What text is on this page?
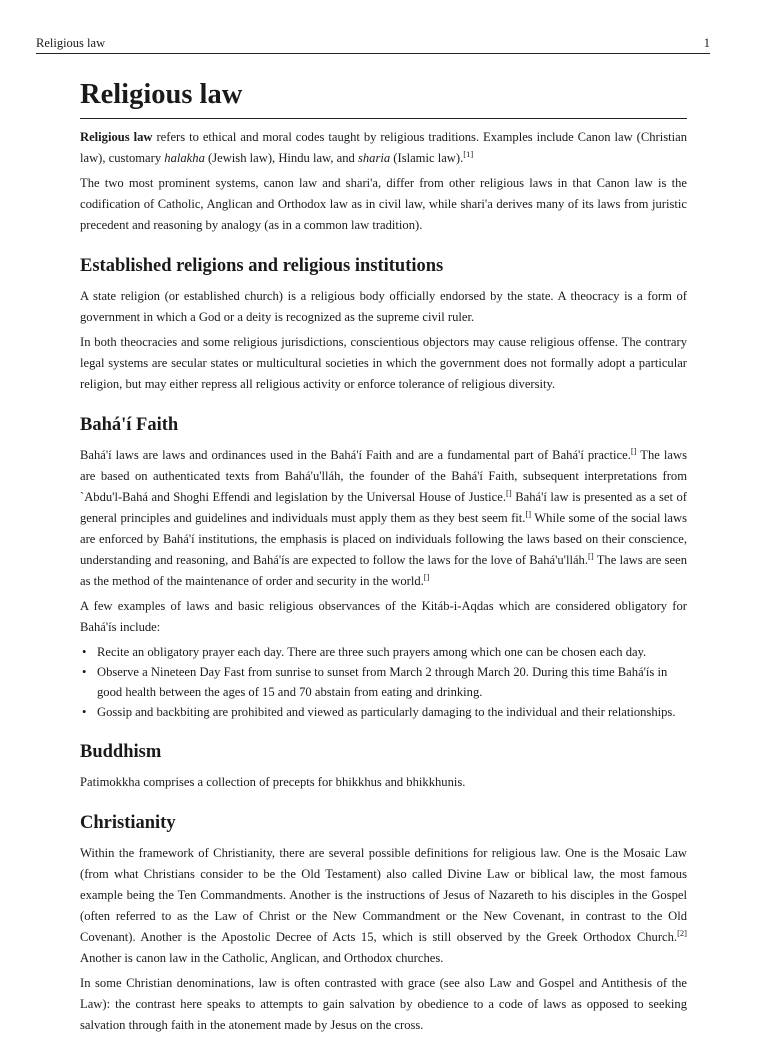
Religious law	1
Religious law

Religious law refers to ethical and moral codes taught by religious traditions. Examples include Canon law (Christian law), customary halakha (Jewish law), Hindu law, and sharia (Islamic law).[1]

The two most prominent systems, canon law and shari'a, differ from other religious laws in that Canon law is the codification of Catholic, Anglican and Orthodox law as in civil law, while shari'a derives many of its laws from juristic precedent and reasoning by analogy (as in a common law tradition).

Established religions and religious institutions

A state religion (or established church) is a religious body officially endorsed by the state. A theocracy is a form of government in which a God or a deity is recognized as the supreme civil ruler.

In both theocracies and some religious jurisdictions, conscientious objectors may cause religious offense. The contrary legal systems are secular states or multicultural societies in which the government does not formally adopt a particular religion, but may either repress all religious activity or enforce tolerance of religious diversity.

Bahá'í Faith

Bahá'í laws are laws and ordinances used in the Bahá'í Faith and are a fundamental part of Bahá'í practice.[] The laws are based on authenticated texts from Bahá'u'lláh, the founder of the Bahá'í Faith, subsequent interpretations from `Abdu'l-Bahá and Shoghi Effendi and legislation by the Universal House of Justice.[] Bahá'í law is presented as a set of general principles and guidelines and individuals must apply them as they best seem fit.[] While some of the social laws are enforced by Bahá'í institutions, the emphasis is placed on individuals following the laws based on their conscience, understanding and reasoning, and Bahá'ís are expected to follow the laws for the love of Bahá'u'lláh.[] The laws are seen as the method of the maintenance of order and security in the world.[]

A few examples of laws and basic religious observances of the Kitáb-i-Aqdas which are considered obligatory for Bahá'ís include:

• Recite an obligatory prayer each day. There are three such prayers among which one can be chosen each day.
• Observe a Nineteen Day Fast from sunrise to sunset from March 2 through March 20. During this time Bahá'ís in good health between the ages of 15 and 70 abstain from eating and drinking.
• Gossip and backbiting are prohibited and viewed as particularly damaging to the individual and their relationships.
Buddhism

Patimokkha comprises a collection of precepts for bhikkhus and bhikkhunis.

Christianity

Within the framework of Christianity, there are several possible definitions for religious law. One is the Mosaic Law (from what Christians consider to be the Old Testament) also called Divine Law or biblical law, the most famous example being the Ten Commandments. Another is the instructions of Jesus of Nazareth to his disciples in the Gospel (often referred to as the Law of Christ or the New Commandment or the New Covenant, in contrast to the Old Covenant). Another is the Apostolic Decree of Acts 15, which is still observed by the Greek Orthodox Church.[2] Another is canon law in the Catholic, Anglican, and Orthodox churches.

In some Christian denominations, law is often contrasted with grace (see also Law and Gospel and Antithesis of the Law): the contrast here speaks to attempts to gain salvation by obedience to a code of laws as opposed to seeking salvation through faith in the atonement made by Jesus on the cross.
